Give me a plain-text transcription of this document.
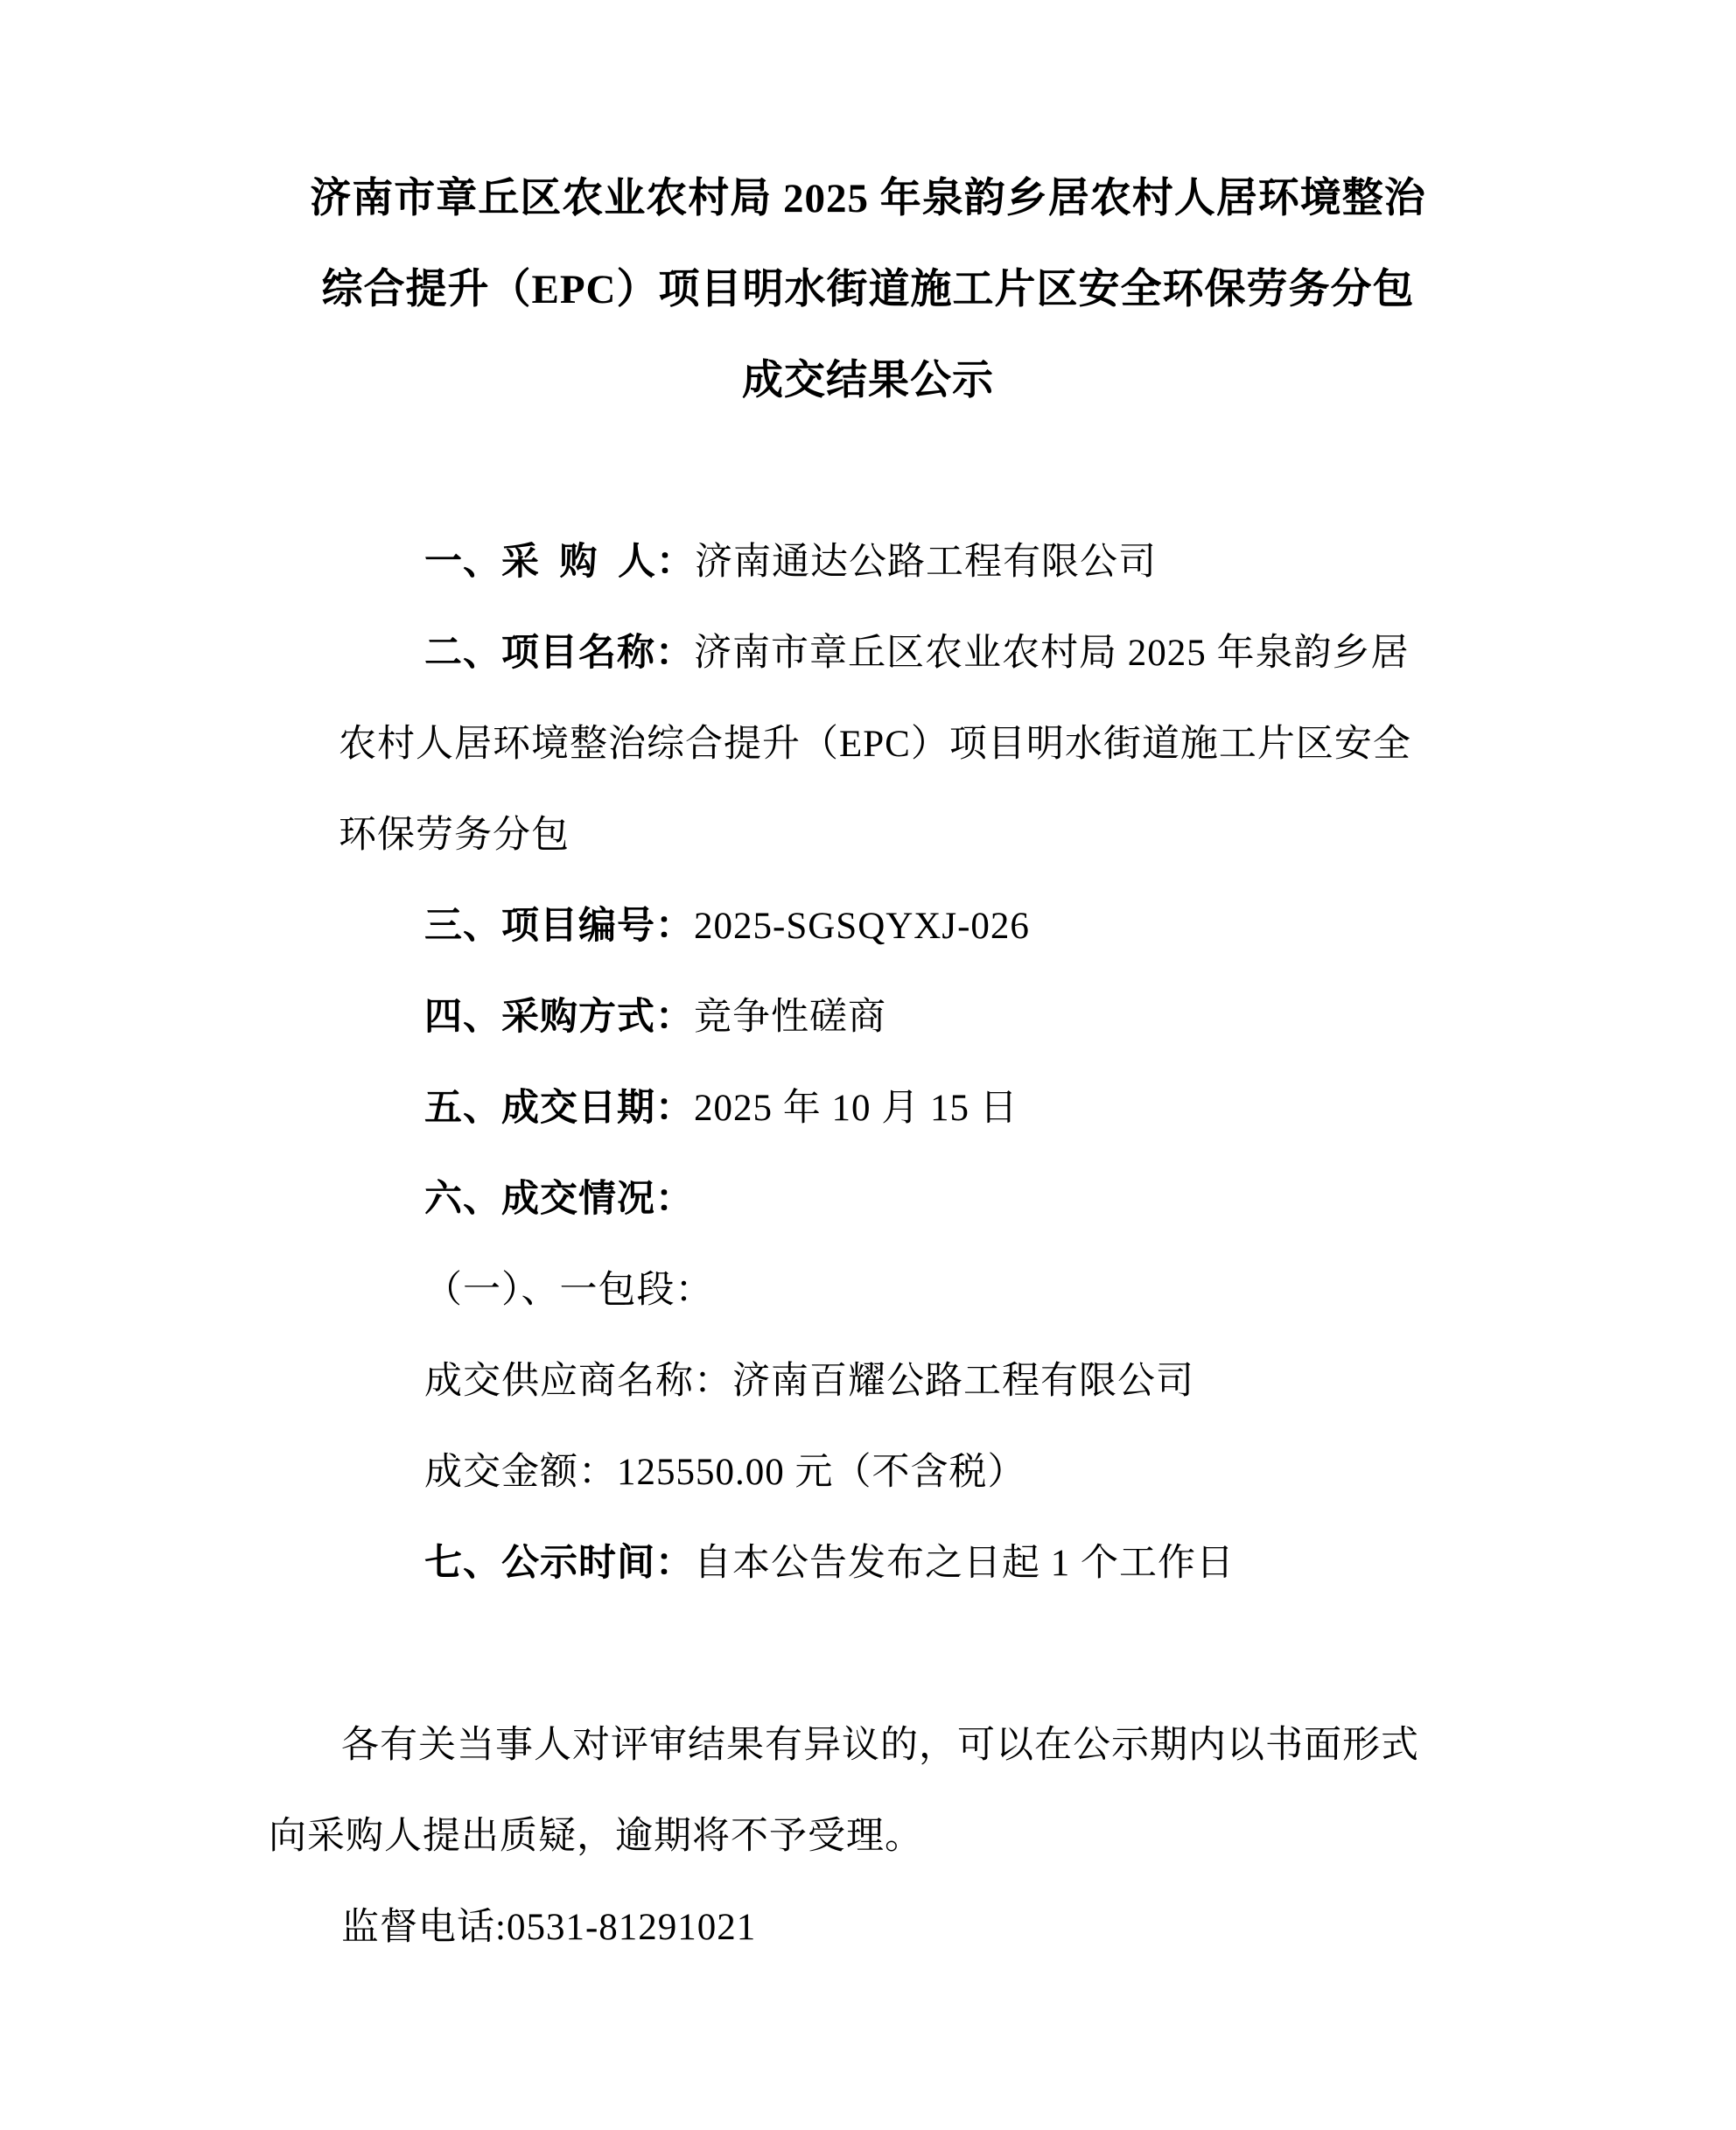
济南市章丘区农业农村局 2025 年泉韵乡居农村人居环境整治
综合提升（EPC）项目明水街道施工片区安全环保劳务分包
成交结果公示
一、采 购 人：济南通达公路工程有限公司
二、项目名称：济南市章丘区农业农村局 2025 年泉韵乡居
农村人居环境整治综合提升（EPC）项目明水街道施工片区安全
环保劳务分包
三、项目编号：2025-SGSQYXJ-026
四、采购方式：竞争性磋商
五、成交日期：2025 年 10 月 15 日
六、成交情况：
（一）、一包段：
成交供应商名称：济南百耀公路工程有限公司
成交金额：125550.00 元（不含税）
七、公示时间：自本公告发布之日起 1 个工作日
各有关当事人对评审结果有异议的，可以在公示期内以书面形式
向采购人提出质疑，逾期将不予受理。
监督电话:0531-81291021
